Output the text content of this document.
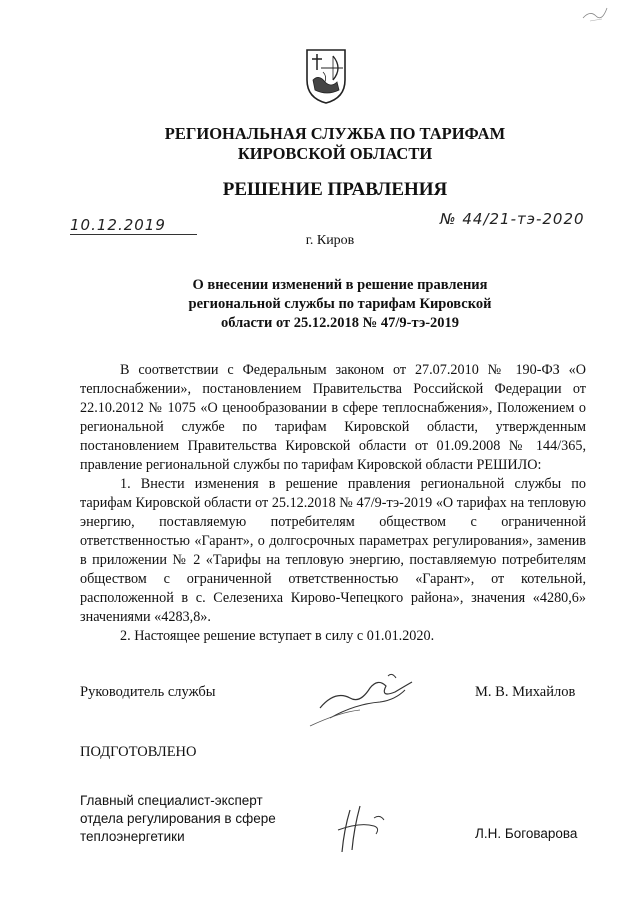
РЕГИОНАЛЬНАЯ СЛУЖБА ПО ТАРИФАМ
КИРОВСКОЙ ОБЛАСТИ
РЕШЕНИЕ ПРАВЛЕНИЯ
10.12.2019	№ 44/21-тэ-2020
г. Киров
О внесении изменений в решение правления
региональной службы по тарифам Кировской
области от 25.12.2018 № 47/9-тэ-2019

В соответствии с Федеральным законом от 27.07.2010 № 190-ФЗ «О теплоснабжении», постановлением Правительства Российской Федерации от 22.10.2012 № 1075 «О ценообразовании в сфере теплоснабжения», Положением о региональной службе по тарифам Кировской области, утвержденным постановлением Правительства Кировской области от 01.09.2008 № 144/365, правление региональной службы по тарифам Кировской области РЕШИЛО:

1. Внести изменения в решение правления региональной службы по тарифам Кировской области от 25.12.2018 № 47/9-тэ-2019 «О тарифах на тепловую энергию, поставляемую потребителям обществом с ограниченной ответственностью «Гарант», о долгосрочных параметрах регулирования», заменив в приложении № 2 «Тарифы на тепловую энергию, поставляемую потребителям обществом с ограниченной ответственностью «Гарант», от котельной, расположенной в с. Селезениха Кирово-Чепецкого района», значения «4280,6» значениями «4283,8».

2. Настоящее решение вступает в силу с 01.01.2020.

Руководитель службы	М. В. Михайлов
ПОДГОТОВЛЕНО
Главный специалист-эксперт
отдела регулирования в сфере
теплоэнергетики	Л.Н. Боговарова
